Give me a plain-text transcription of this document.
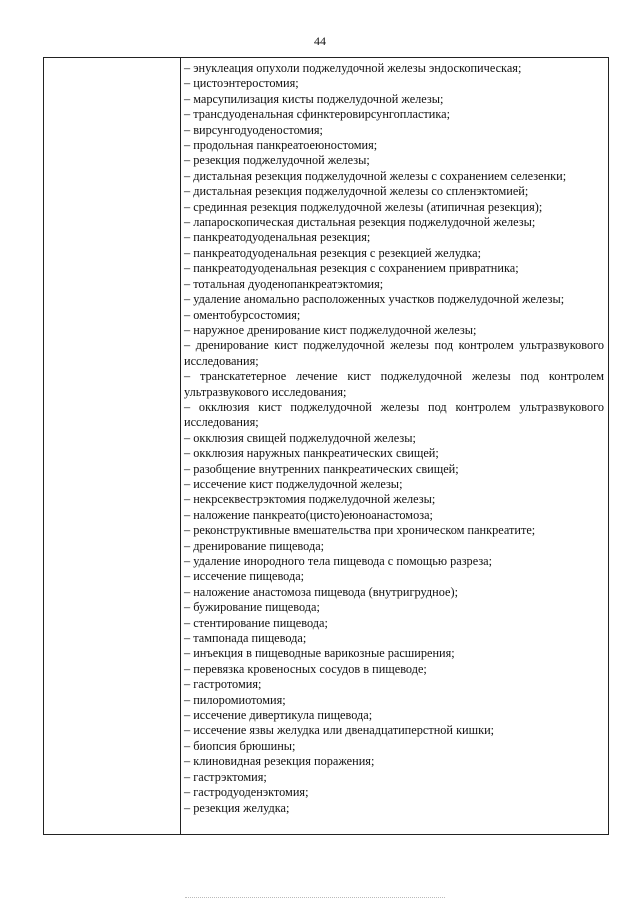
44
– энуклеация опухоли поджелудочной железы эндоскопическая;
– цистоэнтеростомия;
– марсупилизация кисты поджелудочной железы;
– трансдуоденальная сфинктеровирсунгопластика;
– вирсунгодуоденостомия;
– продольная панкреатоеюностомия;
– резекция поджелудочной железы;
– дистальная резекция поджелудочной железы с сохранением селезенки;
– дистальная резекция поджелудочной железы со спленэктомией;
– срединная резекция поджелудочной железы (атипичная резекция);
– лапароскопическая дистальная резекция поджелудочной железы;
– панкреатодуоденальная резекция;
– панкреатодуоденальная резекция с резекцией желудка;
– панкреатодуоденальная резекция с сохранением привратника;
– тотальная дуоденопанкреатэктомия;
– удаление аномально расположенных участков поджелудочной железы;
– оментобурсостомия;
– наружное дренирование кист поджелудочной железы;
– дренирование кист поджелудочной железы под контролем ультразвукового исследования;
– транскатетерное лечение кист поджелудочной железы под контролем ультразвукового исследования;
– окклюзия кист поджелудочной железы под контролем ультразвукового исследования;
– окклюзия свищей поджелудочной железы;
– окклюзия наружных панкреатических свищей;
– разобщение внутренних панкреатических свищей;
– иссечение кист поджелудочной железы;
– некрсеквестрэктомия поджелудочной железы;
– наложение панкреато(цисто)еюноанастомоза;
– реконструктивные вмешательства при хроническом панкреатите;
– дренирование пищевода;
– удаление инородного тела пищевода с помощью разреза;
– иссечение пищевода;
– наложение анастомоза пищевода (внутригрудное);
– бужирование пищевода;
– стентирование пищевода;
– тампонада пищевода;
– инъекция в пищеводные варикозные расширения;
– перевязка кровеносных сосудов в пищеводе;
– гастротомия;
– пилоромиотомия;
– иссечение дивертикула пищевода;
– иссечение язвы желудка или двенадцатиперстной кишки;
– биопсия брюшины;
– клиновидная резекция поражения;
– гастрэктомия;
– гастродуоденэктомия;
– резекция желудка;
